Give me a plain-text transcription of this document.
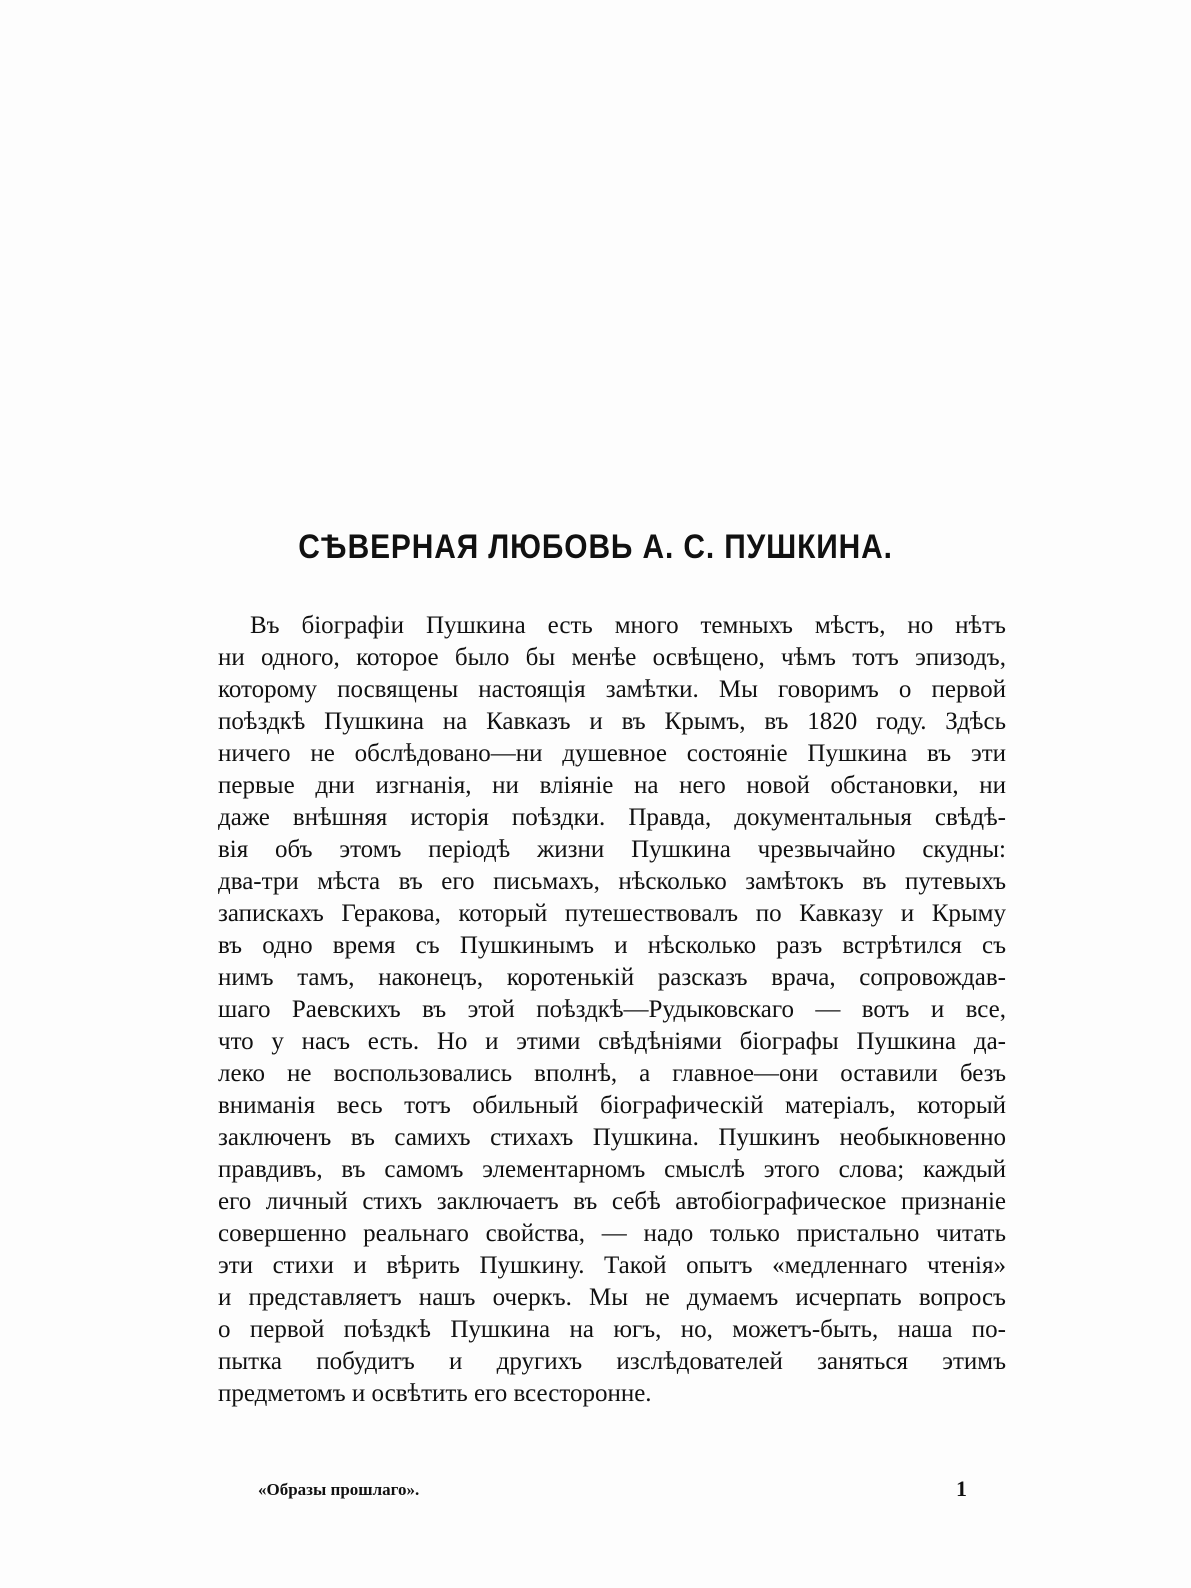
СѢВЕРНАЯ ЛЮБОВЬ А. С. ПУШКИНА.
Въ біографіи Пушкина есть много темныхъ мѣстъ, но нѣтъ
ни одного, которое было бы менѣе освѣщено, чѣмъ тотъ эпизодъ,
которому посвящены настоящія замѣтки. Мы говоримъ о первой
поѣздкѣ Пушкина на Кавказъ и въ Крымъ, въ 1820 году. Здѣсь
ничего не обслѣдовано—ни душевное состояніе Пушкина въ эти
первые дни изгнанія, ни вліяніе на него новой обстановки, ни
даже внѣшняя исторія поѣздки. Правда, документальныя свѣдѣ-
вія объ этомъ періодѣ жизни Пушкина чрезвычайно скудны:
два-три мѣста въ его письмахъ, нѣсколько замѣтокъ въ путевыхъ
запискахъ Геракова, который путешествовалъ по Кавказу и Крыму
въ одно время съ Пушкинымъ и нѣсколько разъ встрѣтился съ
нимъ тамъ, наконецъ, коротенькій разсказъ врача, сопровождав-
шаго Раевскихъ въ этой поѣздкѣ—Рудыковскаго — вотъ и все,
что у насъ есть. Но и этими свѣдѣніями біографы Пушкина да-
леко не воспользовались вполнѣ, а главное—они оставили безъ
вниманія весь тотъ обильный біографическій матеріалъ, который
заключенъ въ самихъ стихахъ Пушкина. Пушкинъ необыкновенно
правдивъ, въ самомъ элементарномъ смыслѣ этого слова; каждый
его личный стихъ заключаетъ въ себѣ автобіографическое признаніе
совершенно реальнаго свойства, — надо только пристально читать
эти стихи и вѣрить Пушкину. Такой опытъ «медленнаго чтенія»
и представляетъ нашъ очеркъ. Мы не думаемъ исчерпать вопросъ
о первой поѣздкѣ Пушкина на югъ, но, можетъ-быть, наша по-
пытка побудитъ и другихъ изслѣдователей заняться этимъ
предметомъ и освѣтить его всесторонне.
«Образы прошлаго».	1
